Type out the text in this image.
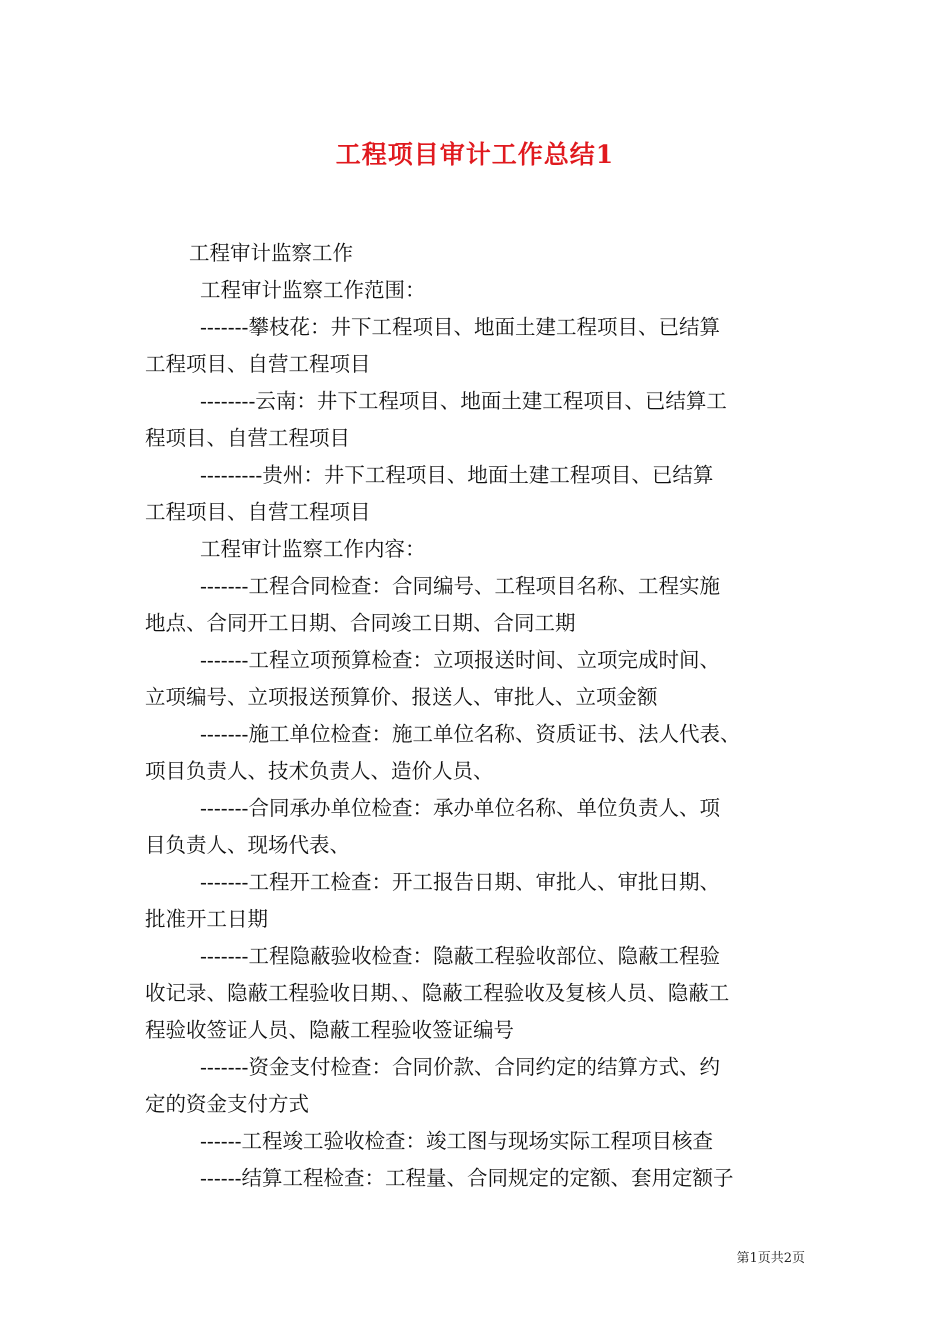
工程项目审计工作总结1
工程审计监察工作
工程审计监察工作范围：
-------攀枝花：井下工程项目、地面土建工程项目、已结算
工程项目、自营工程项目
--------云南：井下工程项目、地面土建工程项目、已结算工
程项目、自营工程项目
---------贵州：井下工程项目、地面土建工程项目、已结算
工程项目、自营工程项目
工程审计监察工作内容：
-------工程合同检查：合同编号、工程项目名称、工程实施
地点、合同开工日期、合同竣工日期、合同工期
-------工程立项预算检查：立项报送时间、立项完成时间、
立项编号、立项报送预算价、报送人、审批人、立项金额
-------施工单位检查：施工单位名称、资质证书、法人代表、
项目负责人、技术负责人、造价人员、
-------合同承办单位检查：承办单位名称、单位负责人、项
目负责人、现场代表、
-------工程开工检查：开工报告日期、审批人、审批日期、
批准开工日期
-------工程隐蔽验收检查：隐蔽工程验收部位、隐蔽工程验
收记录、隐蔽工程验收日期、、隐蔽工程验收及复核人员、隐蔽工
程验收签证人员、隐蔽工程验收签证编号
-------资金支付检查：合同价款、合同约定的结算方式、约
定的资金支付方式
------工程竣工验收检查：竣工图与现场实际工程项目核查
------结算工程检查：工程量、合同规定的定额、套用定额子
第1页共2页
